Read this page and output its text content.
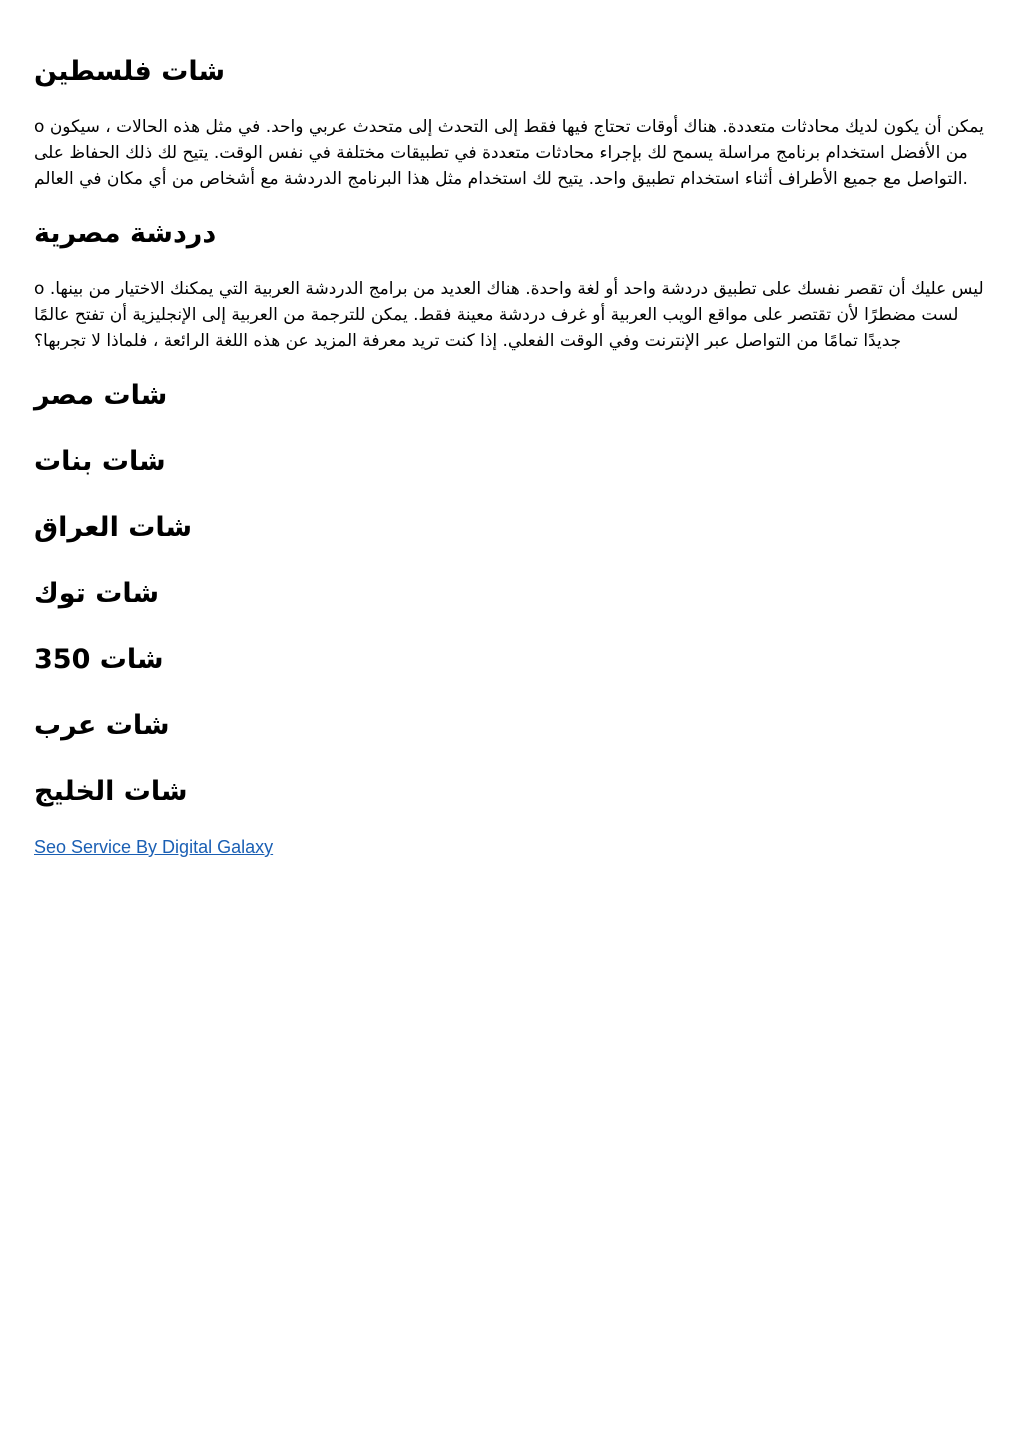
شات فلسطين

o يمكن أن يكون لديك محادثات متعددة. هناك أوقات تحتاج فيها فقط إلى التحدث إلى متحدث عربي واحد. في مثل هذه الحالات ، سيكون من الأفضل استخدام برنامج مراسلة يسمح لك بإجراء محادثات متعددة في تطبيقات مختلفة في نفس الوقت. يتيح لك ذلك الحفاظ على التواصل مع جميع الأطراف أثناء استخدام تطبيق واحد. يتيح لك استخدام مثل هذا البرنامج الدردشة مع أشخاص من أي مكان في العالم.

دردشة مصرية

o ليس عليك أن تقصر نفسك على تطبيق دردشة واحد أو لغة واحدة. هناك العديد من برامج الدردشة العربية التي يمكنك الاختيار من بينها. لست مضطرًا لأن تقتصر على مواقع الويب العربية أو غرف دردشة معينة فقط. يمكن للترجمة من العربية إلى الإنجليزية أن تفتح عالمًا جديدًا تمامًا من التواصل عبر الإنترنت وفي الوقت الفعلي. إذا كنت تريد معرفة المزيد عن هذه اللغة الرائعة ، فلماذا لا تجربها؟

شات مصر
شات بنات
شات العراق
شات توك
شات 350
شات عرب
شات الخليج
Seo Service By Digital Galaxy
